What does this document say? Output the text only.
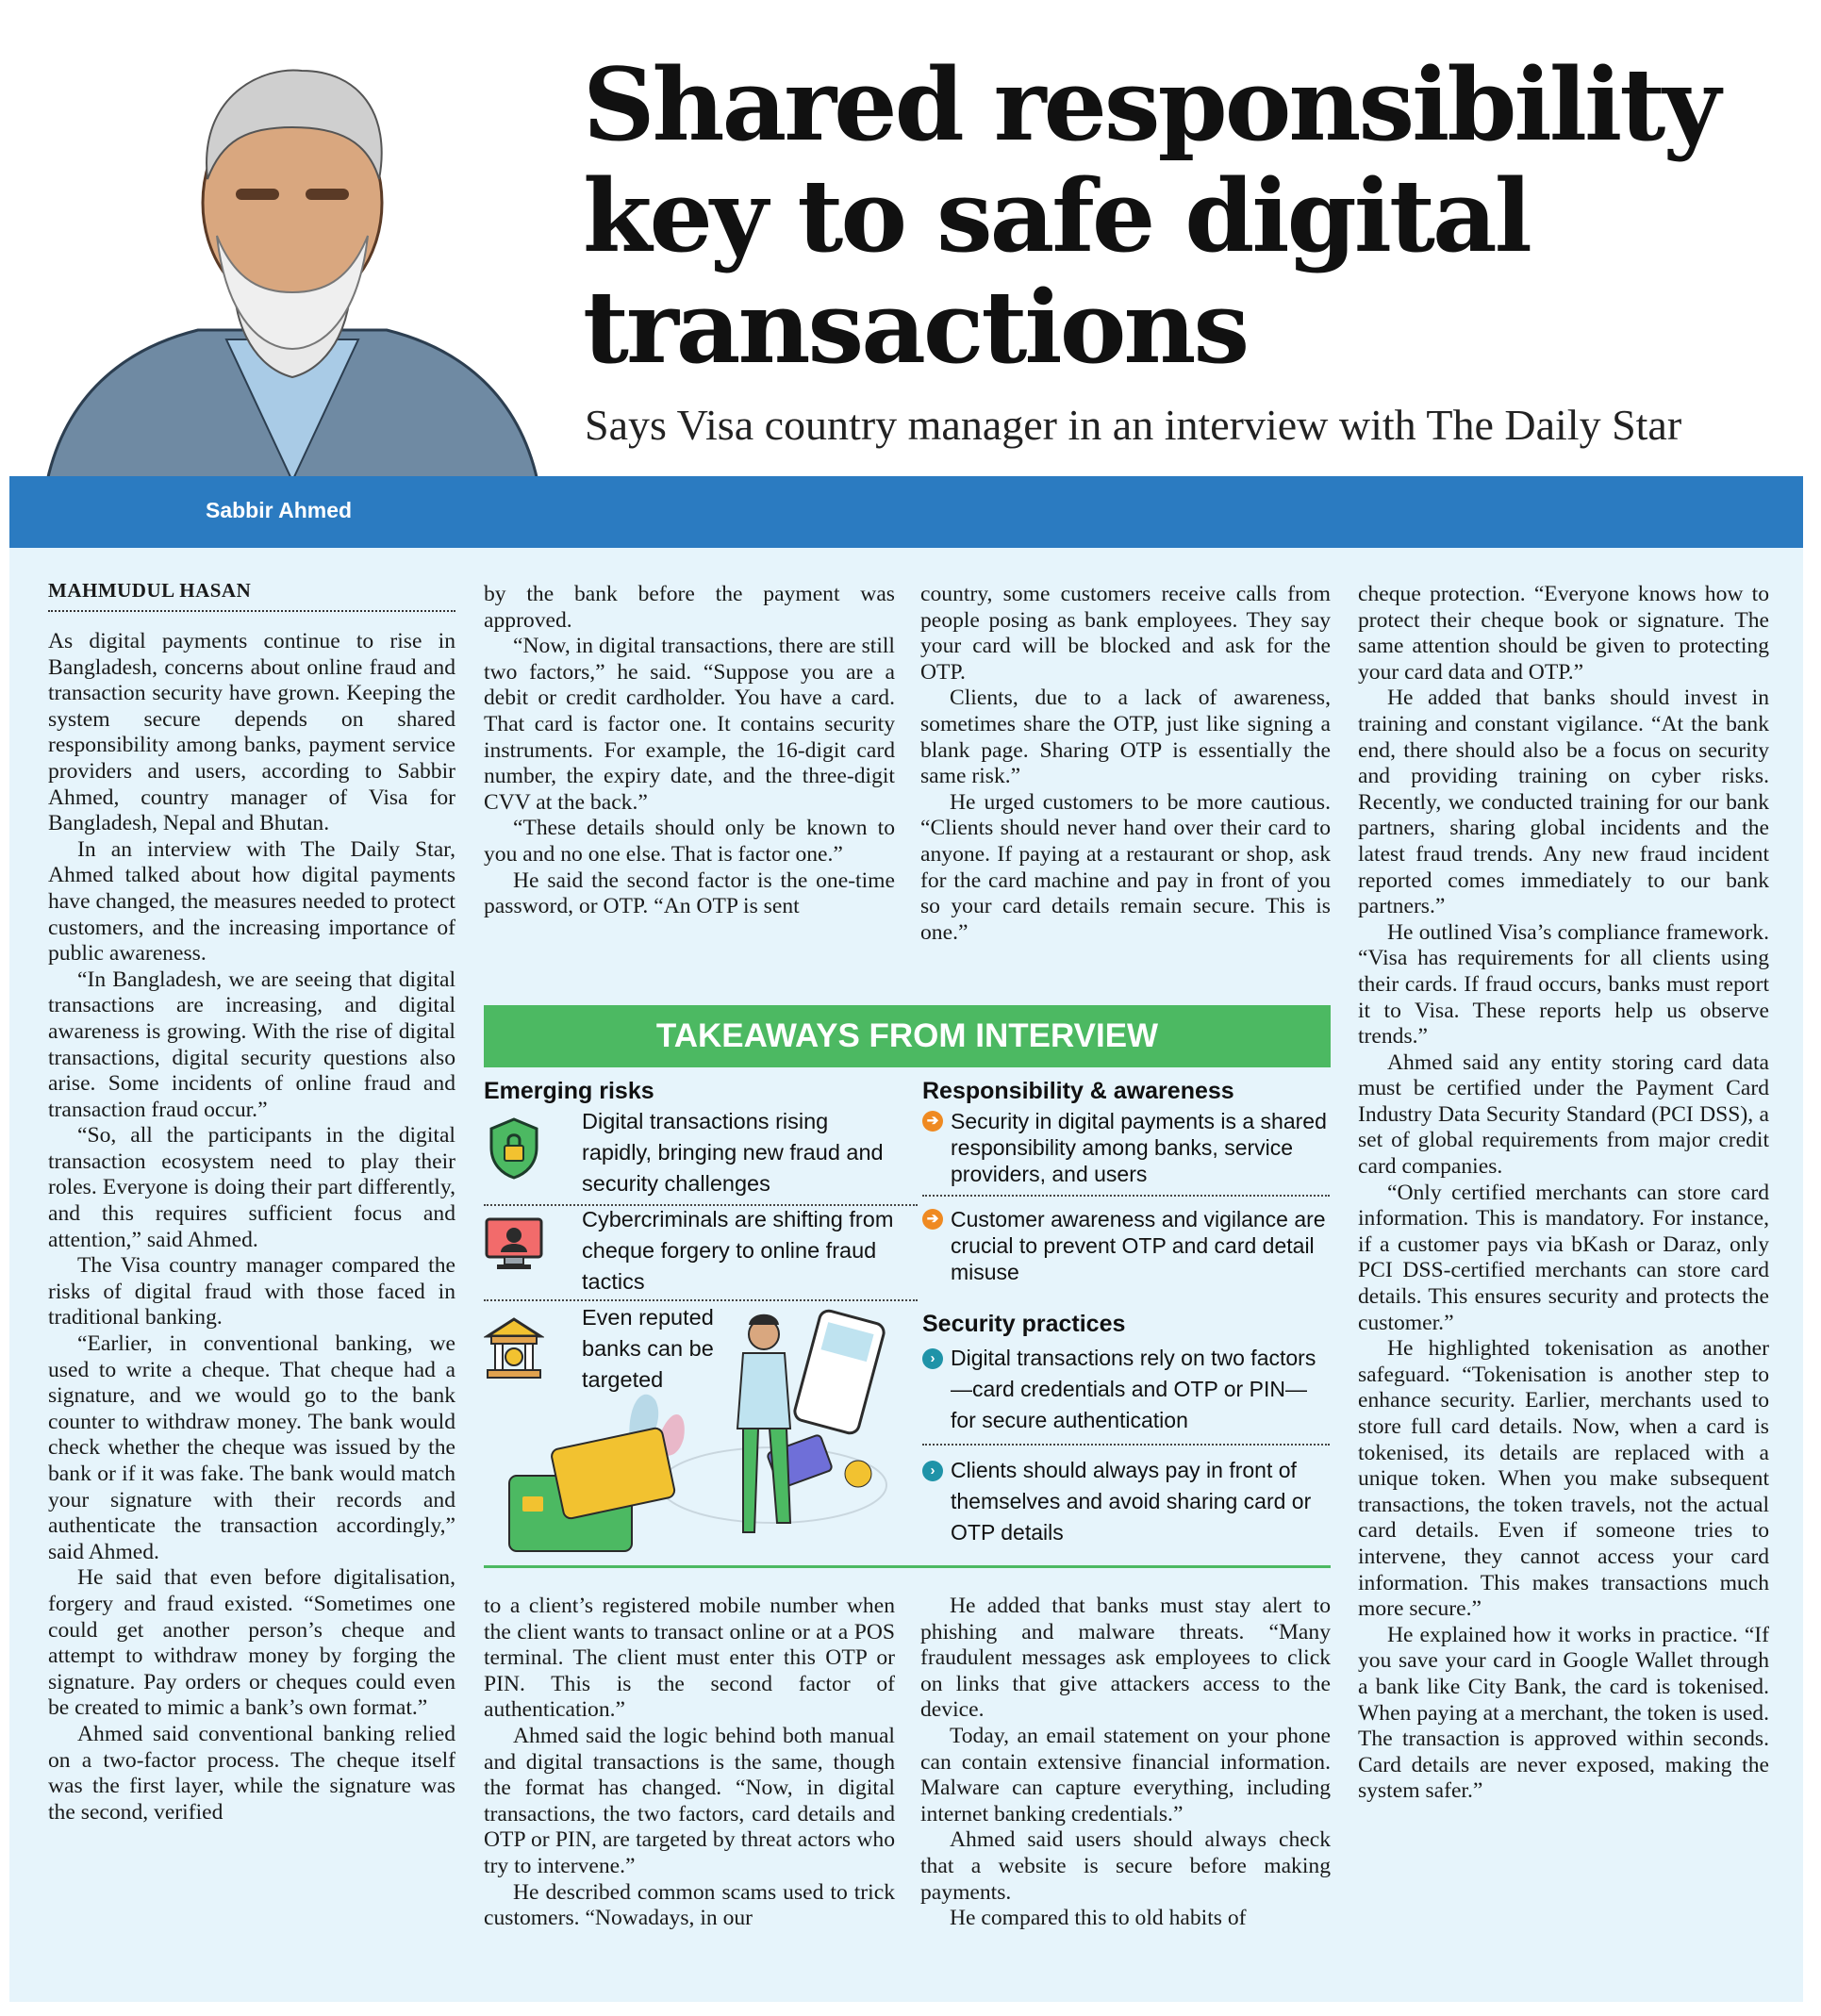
Shared responsibility
key to safe digital
transactions
Says Visa country manager in an interview with The Daily Star
Sabbir Ahmed
MAHMUDUL HASAN

As digital payments continue to rise in Bangladesh, concerns about online fraud and transaction security have grown. Keeping the system secure depends on shared responsibility among banks, payment service providers and users, according to Sabbir Ahmed, country manager of Visa for Bangladesh, Nepal and Bhutan.

In an interview with The Daily Star, Ahmed talked about how digital payments have changed, the measures needed to protect customers, and the increasing importance of public awareness.

“In Bangladesh, we are seeing that digital transactions are increasing, and digital awareness is growing. With the rise of digital transactions, digital security questions also arise. Some incidents of online fraud and transaction fraud occur.”

“So, all the participants in the digital transaction ecosystem need to play their roles. Everyone is doing their part differently, and this requires sufficient focus and attention,” said Ahmed.

The Visa country manager compared the risks of digital fraud with those faced in traditional banking.

“Earlier, in conventional banking, we used to write a cheque. That cheque had a signature, and we would go to the bank counter to withdraw money. The bank would check whether the cheque was issued by the bank or if it was fake. The bank would match your signature with their records and authenticate the transaction accordingly,” said Ahmed.

He said that even before digitalisation, forgery and fraud existed. “Sometimes one could get another person’s cheque and attempt to withdraw money by forging the signature. Pay orders or cheques could even be created to mimic a bank’s own format.”

Ahmed said conventional banking relied on a two-factor process. The cheque itself was the first layer, while the signature was the second, verified

by the bank before the payment was approved.

“Now, in digital transactions, there are still two factors,” he said. “Suppose you are a debit or credit cardholder. You have a card. That card is factor one. It contains security instruments. For example, the 16-digit card number, the expiry date, and the three-digit CVV at the back.”

“These details should only be known to you and no one else. That is factor one.”

He said the second factor is the one-time password, or OTP. “An OTP is sent

country, some customers receive calls from people posing as bank employees. They say your card will be blocked and ask for the OTP.

Clients, due to a lack of awareness, sometimes share the OTP, just like signing a blank page. Sharing OTP is essentially the same risk.”

He urged customers to be more cautious. “Clients should never hand over their card to anyone. If paying at a restaurant or shop, ask for the card machine and pay in front of you so your card details remain secure. This is one.”

TAKEAWAYS FROM INTERVIEW
Emerging risks
Digital transactions rising rapidly, bringing new fraud and security challenges
Cybercriminals are shifting from cheque forgery to online fraud tactics
Even reputed banks can be targeted
Responsibility & awareness
➔ Security in digital payments is a shared responsibility among banks, service providers, and users
➔ Customer awareness and vigilance are crucial to prevent OTP and card detail misuse
Security practices
› Digital transactions rely on two factors—card credentials and OTP or PIN—for secure authentication
› Clients should always pay in front of themselves and avoid sharing card or OTP details

to a client’s registered mobile number when the client wants to transact online or at a POS terminal. The client must enter this OTP or PIN. This is the second factor of authentication.”

Ahmed said the logic behind both manual and digital transactions is the same, though the format has changed. “Now, in digital transactions, the two factors, card details and OTP or PIN, are targeted by threat actors who try to intervene.”

He described common scams used to trick customers. “Nowadays, in our

He added that banks must stay alert to phishing and malware threats. “Many fraudulent messages ask employees to click on links that give attackers access to the device.

Today, an email statement on your phone can contain extensive financial information. Malware can capture everything, including internet banking credentials.”

Ahmed said users should always check that a website is secure before making payments.

He compared this to old habits of

cheque protection. “Everyone knows how to protect their cheque book or signature. The same attention should be given to protecting your card data and OTP.”

He added that banks should invest in training and constant vigilance. “At the bank end, there should also be a focus on security and providing training on cyber risks. Recently, we conducted training for our bank partners, sharing global incidents and the latest fraud trends. Any new fraud incident reported comes immediately to our bank partners.”

He outlined Visa’s compliance framework. “Visa has requirements for all clients using their cards. If fraud occurs, banks must report it to Visa. These reports help us observe trends.”

Ahmed said any entity storing card data must be certified under the Payment Card Industry Data Security Standard (PCI DSS), a set of global requirements from major credit card companies.

“Only certified merchants can store card information. This is mandatory. For instance, if a customer pays via bKash or Daraz, only PCI DSS-certified merchants can store card details. This ensures security and protects the customer.”

He highlighted tokenisation as another safeguard. “Tokenisation is another step to enhance security. Earlier, merchants used to store full card details. Now, when a card is tokenised, its details are replaced with a unique token. When you make subsequent transactions, the token travels, not the actual card details. Even if someone tries to intervene, they cannot access your card information. This makes transactions much more secure.”

He explained how it works in practice. “If you save your card in Google Wallet through a bank like City Bank, the card is tokenised. When paying at a merchant, the token is used. The transaction is approved within seconds. Card details are never exposed, making the system safer.”
